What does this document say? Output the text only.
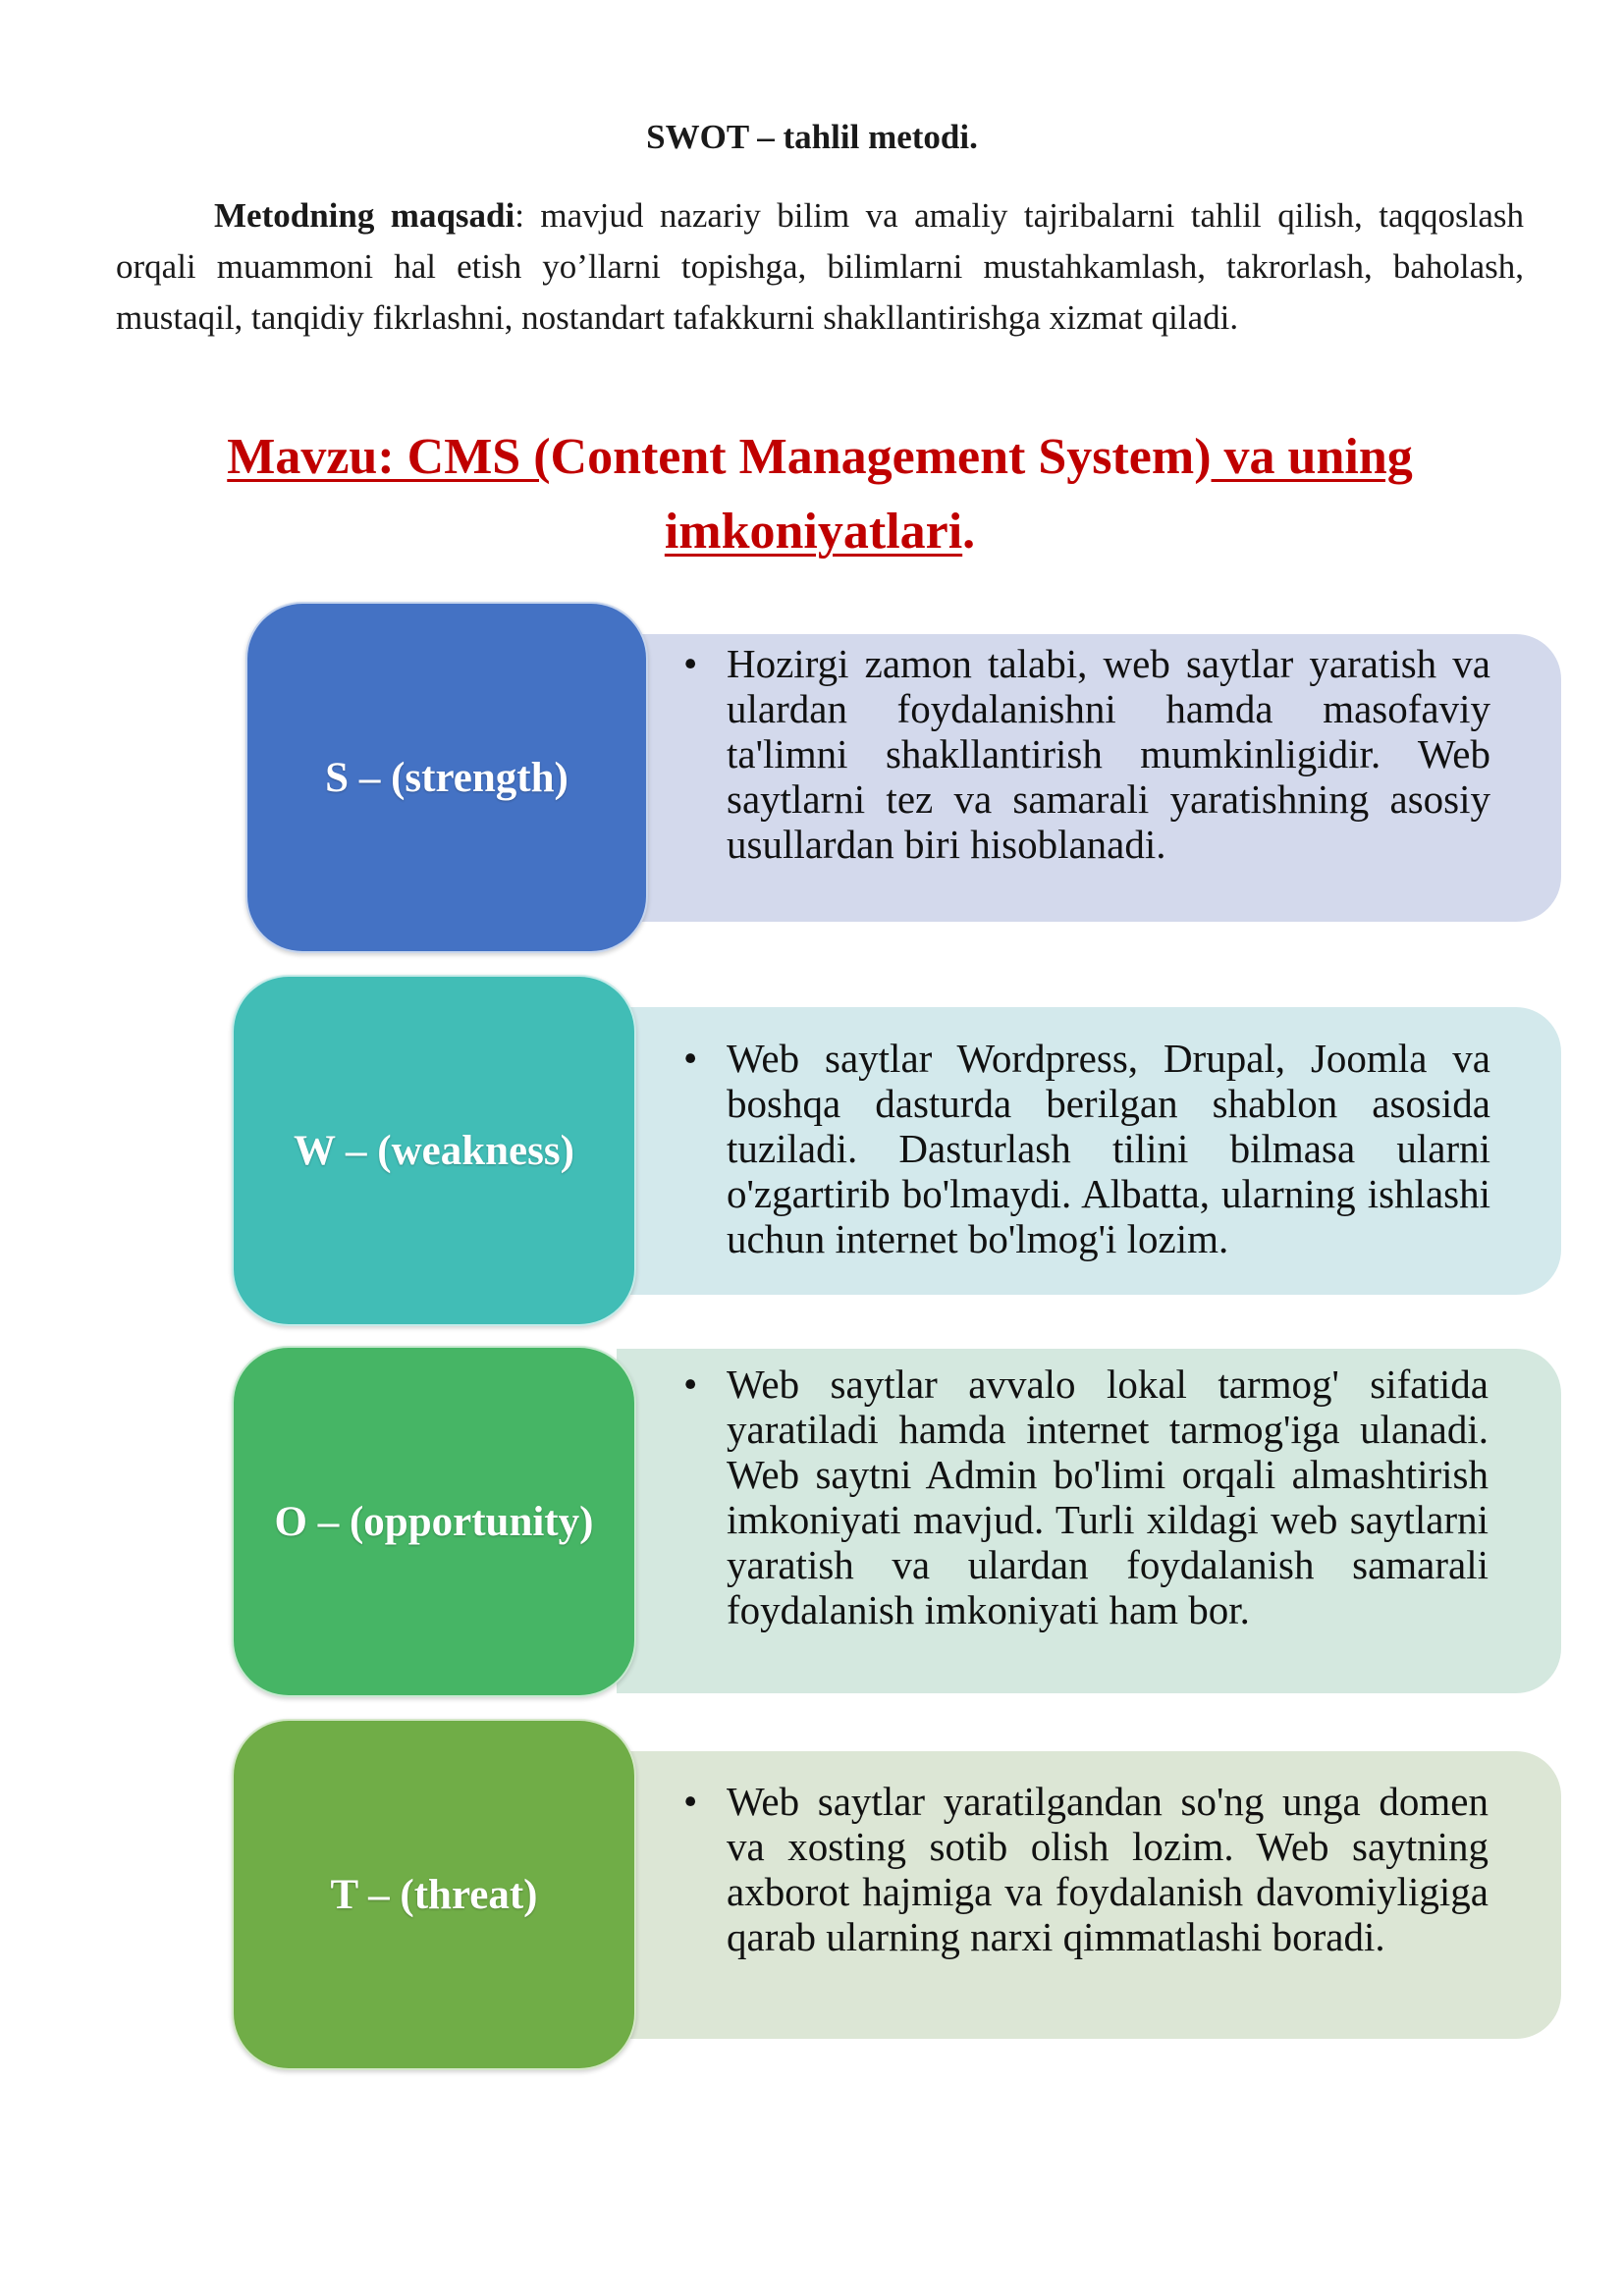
SWOT – tahlil metodi.

Metodning maqsadi: mavjud nazariy bilim va amaliy tajribalarni tahlil qilish, taqqoslash orqali muammoni hal etish yo’llarni topishga, bilimlarni mustahkamlash, takrorlash, baholash, mustaqil, tanqidiy fikrlashni, nostandart tafakkurni shakllantirishga xizmat qiladi.

Mavzu: CMS (Content Management System) va uning
imkoniyatlari.
S – (strength)
• Hozirgi zamon talabi, web saytlar yaratish va ulardan foydalanishni hamda masofaviy ta'limni shakllantirish mumkinligidir. Web saytlarni tez va samarali yaratishning asosiy usullardan biri hisoblanadi.
W – (weakness)
• Web saytlar Wordpress, Drupal, Joomla va boshqa dasturda berilgan shablon asosida tuziladi. Dasturlash tilini bilmasa ularni o'zgartirib bo'lmaydi. Albatta, ularning ishlashi uchun internet bo'lmog'i lozim.
O – (opportunity)
• Web saytlar avvalo lokal tarmog' sifatida yaratiladi hamda internet tarmog'iga ulanadi. Web saytni Admin bo'limi orqali almashtirish imkoniyati mavjud. Turli xildagi web saytlarni yaratish va ulardan foydalanish samarali foydalanish imkoniyati ham bor.
T – (threat)
• Web saytlar yaratilgandan so'ng unga domen va xosting sotib olish lozim. Web saytning axborot hajmiga va foydalanish davomiyligiga qarab ularning narxi qimmatlashi boradi.
